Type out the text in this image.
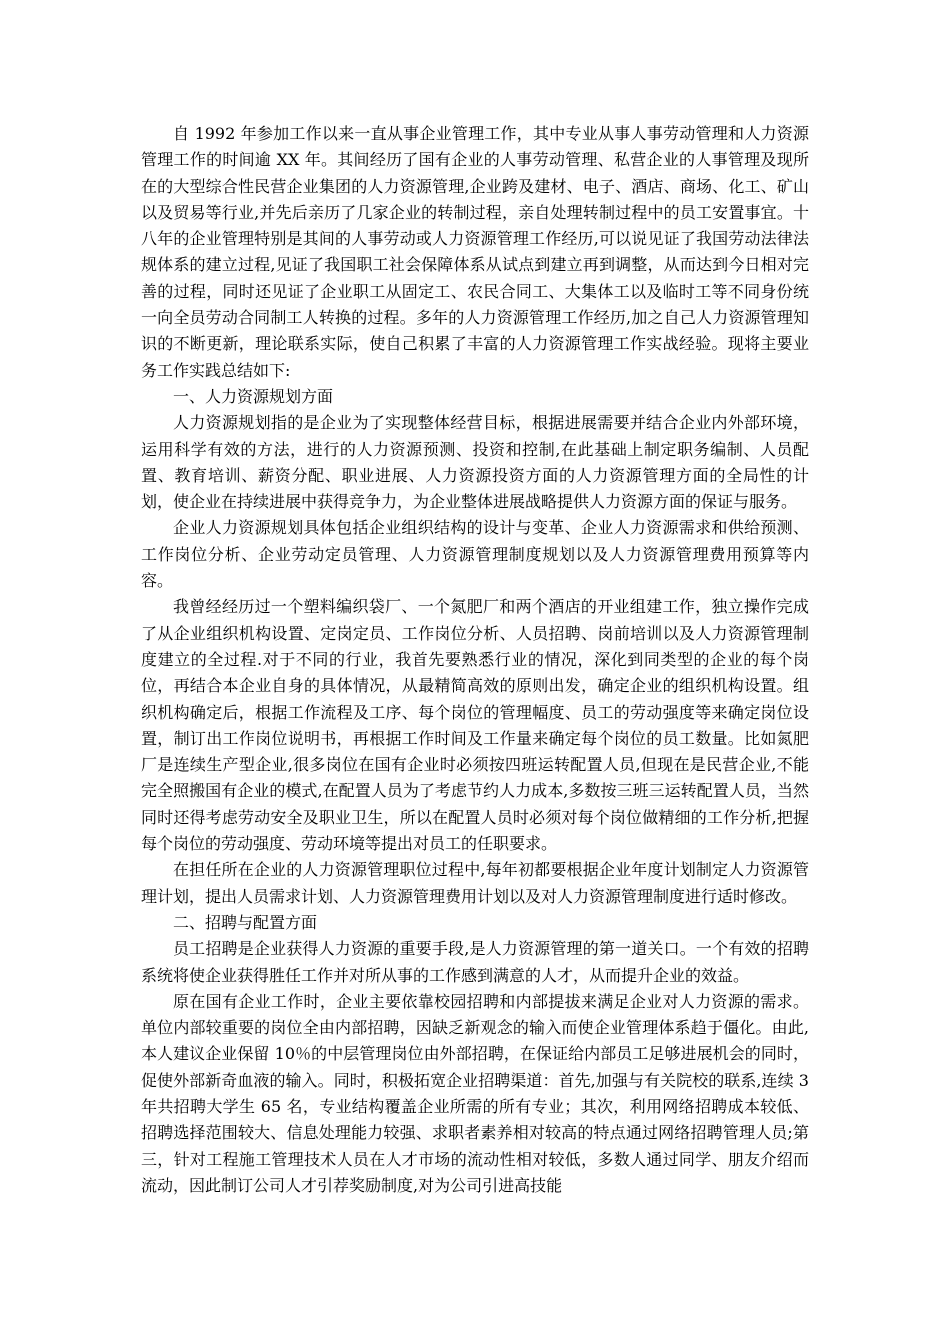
自 1992 年参加工作以来一直从事企业管理工作，其中专业从事人事劳动管理和人力资源管理工作的时间逾 XX 年。其间经历了国有企业的人事劳动管理、私营企业的人事管理及现所在的大型综合性民营企业集团的人力资源管理,企业跨及建材、电子、酒店、商场、化工、矿山以及贸易等行业,并先后亲历了几家企业的转制过程，亲自处理转制过程中的员工安置事宜。十八年的企业管理特别是其间的人事劳动或人力资源管理工作经历,可以说见证了我国劳动法律法规体系的建立过程,见证了我国职工社会保障体系从试点到建立再到调整，从而达到今日相对完善的过程，同时还见证了企业职工从固定工、农民合同工、大集体工以及临时工等不同身份统一向全员劳动合同制工人转换的过程。多年的人力资源管理工作经历,加之自己人力资源管理知识的不断更新，理论联系实际，使自己积累了丰富的人力资源管理工作实战经验。现将主要业务工作实践总结如下:

一、人力资源规划方面

人力资源规划指的是企业为了实现整体经营目标，根据进展需要并结合企业内外部环境，运用科学有效的方法，进行的人力资源预测、投资和控制,在此基础上制定职务编制、人员配置、教育培训、薪资分配、职业进展、人力资源投资方面的人力资源管理方面的全局性的计划，使企业在持续进展中获得竞争力，为企业整体进展战略提供人力资源方面的保证与服务。

企业人力资源规划具体包括企业组织结构的设计与变革、企业人力资源需求和供给预测、工作岗位分析、企业劳动定员管理、人力资源管理制度规划以及人力资源管理费用预算等内容。

我曾经经历过一个塑料编织袋厂、一个氮肥厂和两个酒店的开业组建工作，独立操作完成了从企业组织机构设置、定岗定员、工作岗位分析、人员招聘、岗前培训以及人力资源管理制度建立的全过程.对于不同的行业，我首先要熟悉行业的情况，深化到同类型的企业的每个岗位，再结合本企业自身的具体情况，从最精简高效的原则出发，确定企业的组织机构设置。组织机构确定后，根据工作流程及工序、每个岗位的管理幅度、员工的劳动强度等来确定岗位设置，制订出工作岗位说明书，再根据工作时间及工作量来确定每个岗位的员工数量。比如氮肥厂是连续生产型企业,很多岗位在国有企业时必须按四班运转配置人员,但现在是民营企业,不能完全照搬国有企业的模式,在配置人员为了考虑节约人力成本,多数按三班三运转配置人员，当然同时还得考虑劳动安全及职业卫生，所以在配置人员时必须对每个岗位做精细的工作分析,把握每个岗位的劳动强度、劳动环境等提出对员工的任职要求。

在担任所在企业的人力资源管理职位过程中,每年初都要根据企业年度计划制定人力资源管理计划，提出人员需求计划、人力资源管理费用计划以及对人力资源管理制度进行适时修改。

二、招聘与配置方面

员工招聘是企业获得人力资源的重要手段,是人力资源管理的第一道关口。一个有效的招聘系统将使企业获得胜任工作并对所从事的工作感到满意的人才，从而提升企业的效益。

原在国有企业工作时，企业主要依靠校园招聘和内部提拔来满足企业对人力资源的需求。单位内部较重要的岗位全由内部招聘，因缺乏新观念的输入而使企业管理体系趋于僵化。由此,本人建议企业保留 10％的中层管理岗位由外部招聘，在保证给内部员工足够进展机会的同时，促使外部新奇血液的输入。同时，积极拓宽企业招聘渠道：首先,加强与有关院校的联系,连续 3 年共招聘大学生 65 名，专业结构覆盖企业所需的所有专业；其次，利用网络招聘成本较低、招聘选择范围较大、信息处理能力较强、求职者素养相对较高的特点通过网络招聘管理人员;第三，针对工程施工管理技术人员在人才市场的流动性相对较低，多数人通过同学、朋友介绍而流动，因此制订公司人才引荐奖励制度,对为公司引进高技能
